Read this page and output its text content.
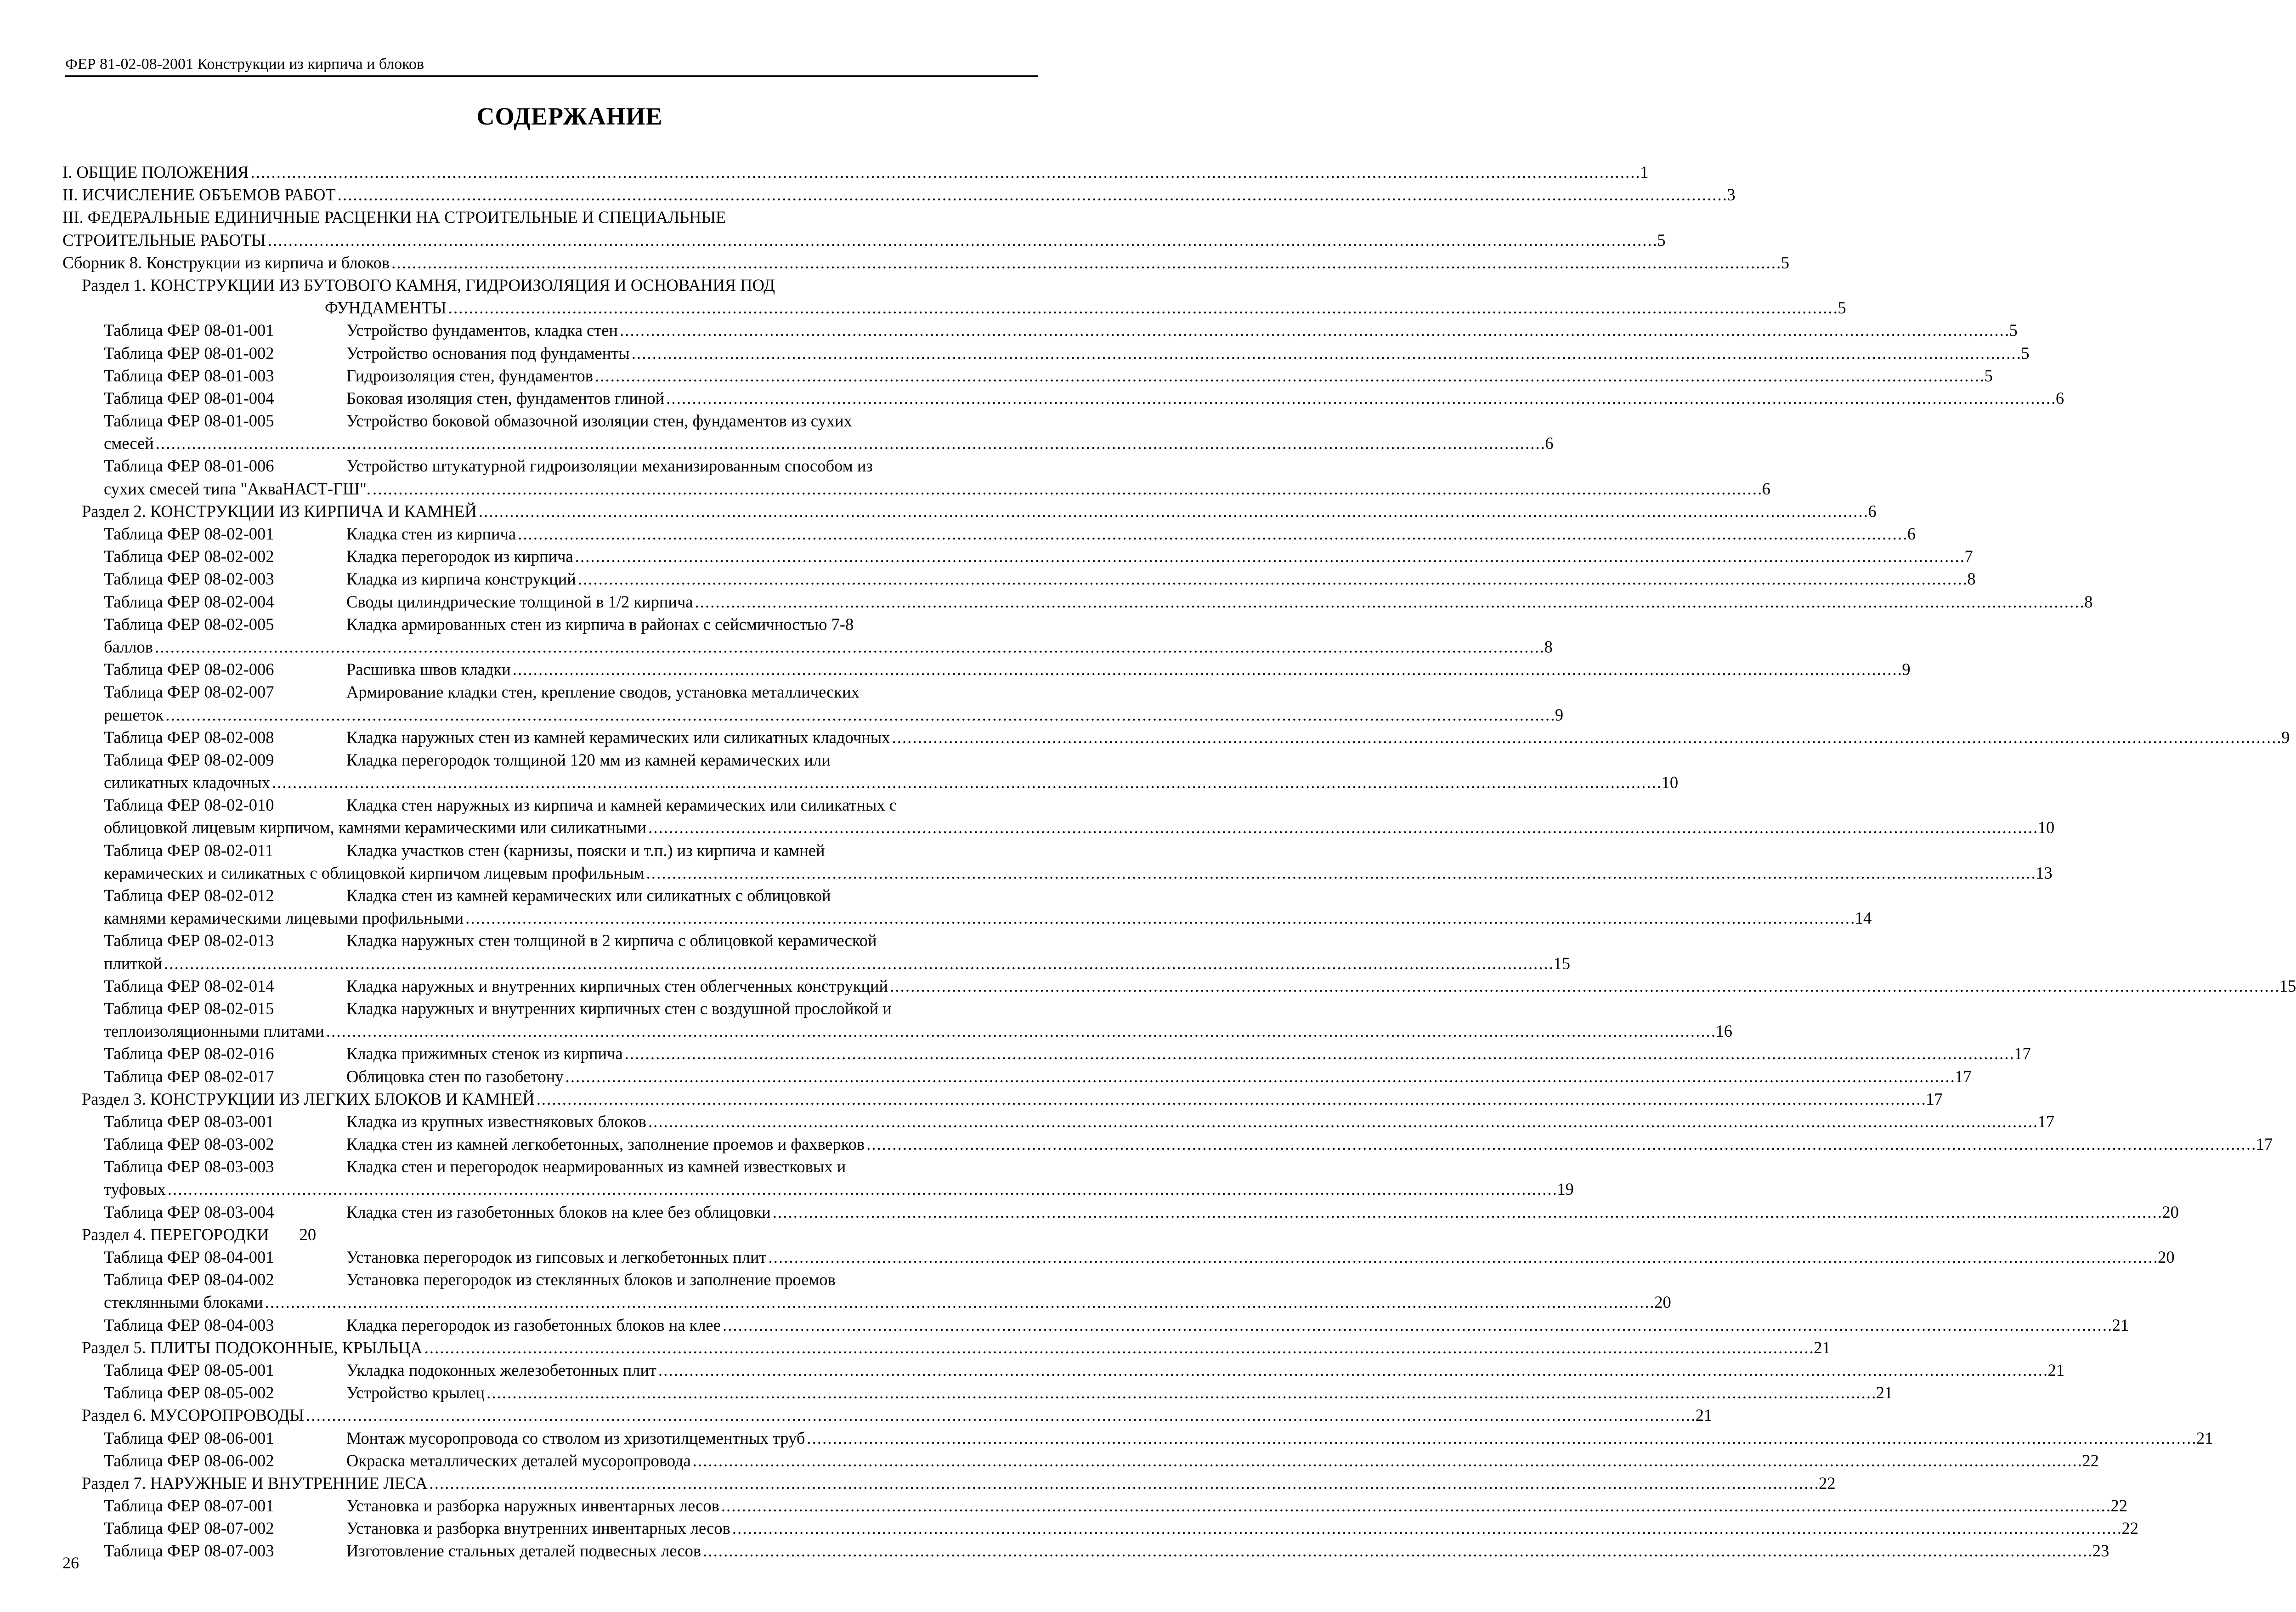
ФЕР 81-02-08-2001 Конструкции из кирпича и блоков
СОДЕРЖАНИЕ
I. ОБЩИЕ ПОЛОЖЕНИЯ . . .	1
II. ИСЧИСЛЕНИЕ ОБЪЕМОВ РАБОТ . . .	3
III. ФЕДЕРАЛЬНЫЕ ЕДИНИЧНЫЕ РАСЦЕНКИ НА СТРОИТЕЛЬНЫЕ И СПЕЦИАЛЬНЫЕ
СТРОИТЕЛЬНЫЕ РАБОТЫ . . .	5
Сборник 8. Конструкции из кирпича и блоков . . .	5
Раздел 1. КОНСТРУКЦИИ ИЗ БУТОВОГО КАМНЯ, ГИДРОИЗОЛЯЦИЯ И ОСНОВАНИЯ ПОД
ФУНДАМЕНТЫ . . .	5
Таблица ФЕР 08-01-001	Устройство фундаментов, кладка стен . . .	5
Таблица ФЕР 08-01-002	Устройство основания под фундаменты . . .	5
Таблица ФЕР 08-01-003	Гидроизоляция стен, фундаментов . . .	5
Таблица ФЕР 08-01-004	Боковая изоляция стен, фундаментов глиной . . .	6
Таблица ФЕР 08-01-005	Устройство боковой обмазочной изоляции стен, фундаментов из сухих
смесей . . .	6
Таблица ФЕР 08-01-006	Устройство штукатурной гидроизоляции механизированным способом из
сухих смесей типа "АкваНАСТ-ГШ". . . .	6
Раздел 2. КОНСТРУКЦИИ ИЗ КИРПИЧА И КАМНЕЙ . . .	6
Таблица ФЕР 08-02-001	Кладка стен из кирпича . . .	6
Таблица ФЕР 08-02-002	Кладка перегородок из кирпича . . .	7
Таблица ФЕР 08-02-003	Кладка из кирпича конструкций . . .	8
Таблица ФЕР 08-02-004	Своды цилиндрические толщиной в 1/2 кирпича . . .	8
Таблица ФЕР 08-02-005	Кладка армированных стен из кирпича в районах с сейсмичностью 7-8
баллов . . .	8
Таблица ФЕР 08-02-006	Расшивка швов кладки . . .	9
Таблица ФЕР 08-02-007	Армирование кладки стен, крепление сводов, установка металлических
решеток . . .	9
Таблица ФЕР 08-02-008	Кладка наружных стен из камней керамических или силикатных кладочных . . .	9
Таблица ФЕР 08-02-009	Кладка перегородок толщиной 120 мм из камней керамических или
силикатных кладочных . . .	10
Таблица ФЕР 08-02-010	Кладка стен наружных из кирпича и камней керамических или силикатных с
облицовкой лицевым кирпичом, камнями керамическими или силикатными . . .	10
Таблица ФЕР 08-02-011	Кладка участков стен (карнизы, пояски и т.п.) из кирпича и камней
керамических и силикатных с облицовкой кирпичом лицевым профильным . . .	13
Таблица ФЕР 08-02-012	Кладка стен из камней керамических или силикатных с облицовкой
камнями керамическими лицевыми профильными . . .	14
Таблица ФЕР 08-02-013	Кладка наружных стен толщиной в 2 кирпича с облицовкой керамической
плиткой . . .	15
Таблица ФЕР 08-02-014	Кладка наружных и внутренних кирпичных стен облегченных конструкций . . .	15
Таблица ФЕР 08-02-015	Кладка наружных и внутренних кирпичных стен с воздушной прослойкой и
теплоизоляционными плитами . . .	16
Таблица ФЕР 08-02-016	Кладка прижимных стенок из кирпича . . .	17
Таблица ФЕР 08-02-017	Облицовка стен по газобетону . . .	17
Раздел 3. КОНСТРУКЦИИ ИЗ ЛЕГКИХ БЛОКОВ И КАМНЕЙ . . .	17
Таблица ФЕР 08-03-001	Кладка из крупных известняковых блоков . . .	17
Таблица ФЕР 08-03-002	Кладка стен из камней легкобетонных, заполнение проемов и фахверков . . .	17
Таблица ФЕР 08-03-003	Кладка стен и перегородок неармированных из камней известковых и
туфовых . . .	19
Таблица ФЕР 08-03-004	Кладка стен из газобетонных блоков на клее без облицовки . . .	20
Раздел 4. ПЕРЕГОРОДКИ 20
Таблица ФЕР 08-04-001	Установка перегородок из гипсовых и легкобетонных плит . . .	20
Таблица ФЕР 08-04-002	Установка перегородок из стеклянных блоков и заполнение проемов
стеклянными блоками . . .	20
Таблица ФЕР 08-04-003	Кладка перегородок из газобетонных блоков на клее . . .	21
Раздел 5. ПЛИТЫ ПОДОКОННЫЕ, КРЫЛЬЦА . . .	21
Таблица ФЕР 08-05-001	Укладка подоконных железобетонных плит . . .	21
Таблица ФЕР 08-05-002	Устройство крылец . . .	21
Раздел 6. МУСОРОПРОВОДЫ . . .	21
Таблица ФЕР 08-06-001	Монтаж мусоропровода со стволом из хризотилцементных труб . . .	21
Таблица ФЕР 08-06-002	Окраска металлических деталей мусоропровода . . .	22
Раздел 7. НАРУЖНЫЕ И ВНУТРЕННИЕ ЛЕСА . . .	22
Таблица ФЕР 08-07-001	Установка и разборка наружных инвентарных лесов . . .	22
Таблица ФЕР 08-07-002	Установка и разборка внутренних инвентарных лесов . . .	22
Таблица ФЕР 08-07-003	Изготовление стальных деталей подвесных лесов . . .	23
26
